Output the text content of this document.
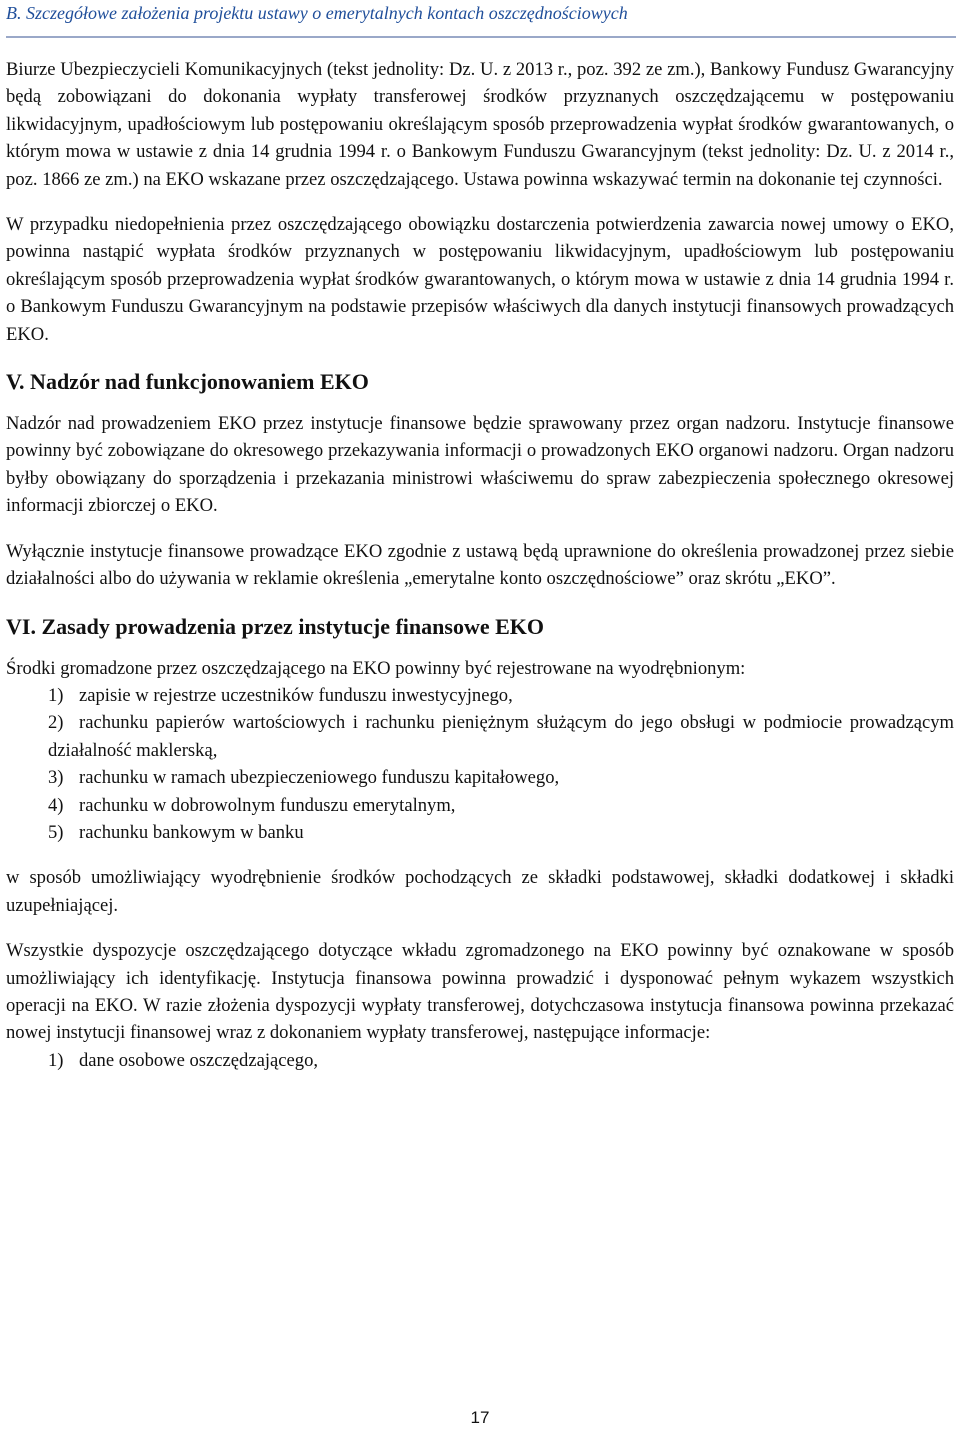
B. Szczegółowe założenia projektu ustawy o emerytalnych kontach oszczędnościowych

Biurze Ubezpieczycieli Komunikacyjnych (tekst jednolity: Dz. U. z 2013 r., poz. 392 ze zm.), Bankowy Fundusz Gwarancyjny będą zobowiązani do dokonania wypłaty transferowej środków przyznanych oszczędzającemu w postępowaniu likwidacyjnym, upadłościowym lub postępowaniu określającym sposób przeprowadzenia wypłat środków gwarantowanych, o którym mowa w ustawie z dnia 14 grudnia 1994 r. o Bankowym Funduszu Gwarancyjnym (tekst jednolity: Dz. U. z 2014 r., poz. 1866 ze zm.) na EKO wskazane przez oszczędzającego. Ustawa powinna wskazywać termin na dokonanie tej czynności.

W przypadku niedopełnienia przez oszczędzającego obowiązku dostarczenia potwierdzenia zawarcia nowej umowy o EKO, powinna nastąpić wypłata środków przyznanych w postępowaniu likwidacyjnym, upadłościowym lub postępowaniu określającym sposób przeprowadzenia wypłat środków gwarantowanych, o którym mowa w ustawie z dnia 14 grudnia 1994 r. o Bankowym Funduszu Gwarancyjnym na podstawie przepisów właściwych dla danych instytucji finansowych prowadzących EKO.

V. Nadzór nad funkcjonowaniem EKO

Nadzór nad prowadzeniem EKO przez instytucje finansowe będzie sprawowany przez organ nadzoru. Instytucje finansowe powinny być zobowiązane do okresowego przekazywania informacji o prowadzonych EKO organowi nadzoru. Organ nadzoru byłby obowiązany do sporządzenia i przekazania ministrowi właściwemu do spraw zabezpieczenia społecznego okresowej informacji zbiorczej o EKO.

Wyłącznie instytucje finansowe prowadzące EKO zgodnie z ustawą będą uprawnione do określenia prowadzonej przez siebie działalności albo do używania w reklamie określenia „emerytalne konto oszczędnościowe” oraz skrótu „EKO”.

VI. Zasady prowadzenia przez instytucje finansowe EKO

Środki gromadzone przez oszczędzającego na EKO powinny być rejestrowane na wyodrębnionym:

1) zapisie w rejestrze uczestników funduszu inwestycyjnego,
2) rachunku papierów wartościowych i rachunku pieniężnym służącym do jego obsługi w podmiocie prowadzącym działalność maklerską,
3) rachunku w ramach ubezpieczeniowego funduszu kapitałowego,
4) rachunku w dobrowolnym funduszu emerytalnym,
5) rachunku bankowym w banku

w sposób umożliwiający wyodrębnienie środków pochodzących ze składki podstawowej, składki dodatkowej i składki uzupełniającej.

Wszystkie dyspozycje oszczędzającego dotyczące wkładu zgromadzonego na EKO powinny być oznakowane w sposób umożliwiający ich identyfikację. Instytucja finansowa powinna prowadzić i dysponować pełnym wykazem wszystkich operacji na EKO. W razie złożenia dyspozycji wypłaty transferowej, dotychczasowa instytucja finansowa powinna przekazać nowej instytucji finansowej wraz z dokonaniem wypłaty transferowej, następujące informacje:

1) dane osobowe oszczędzającego,
17
